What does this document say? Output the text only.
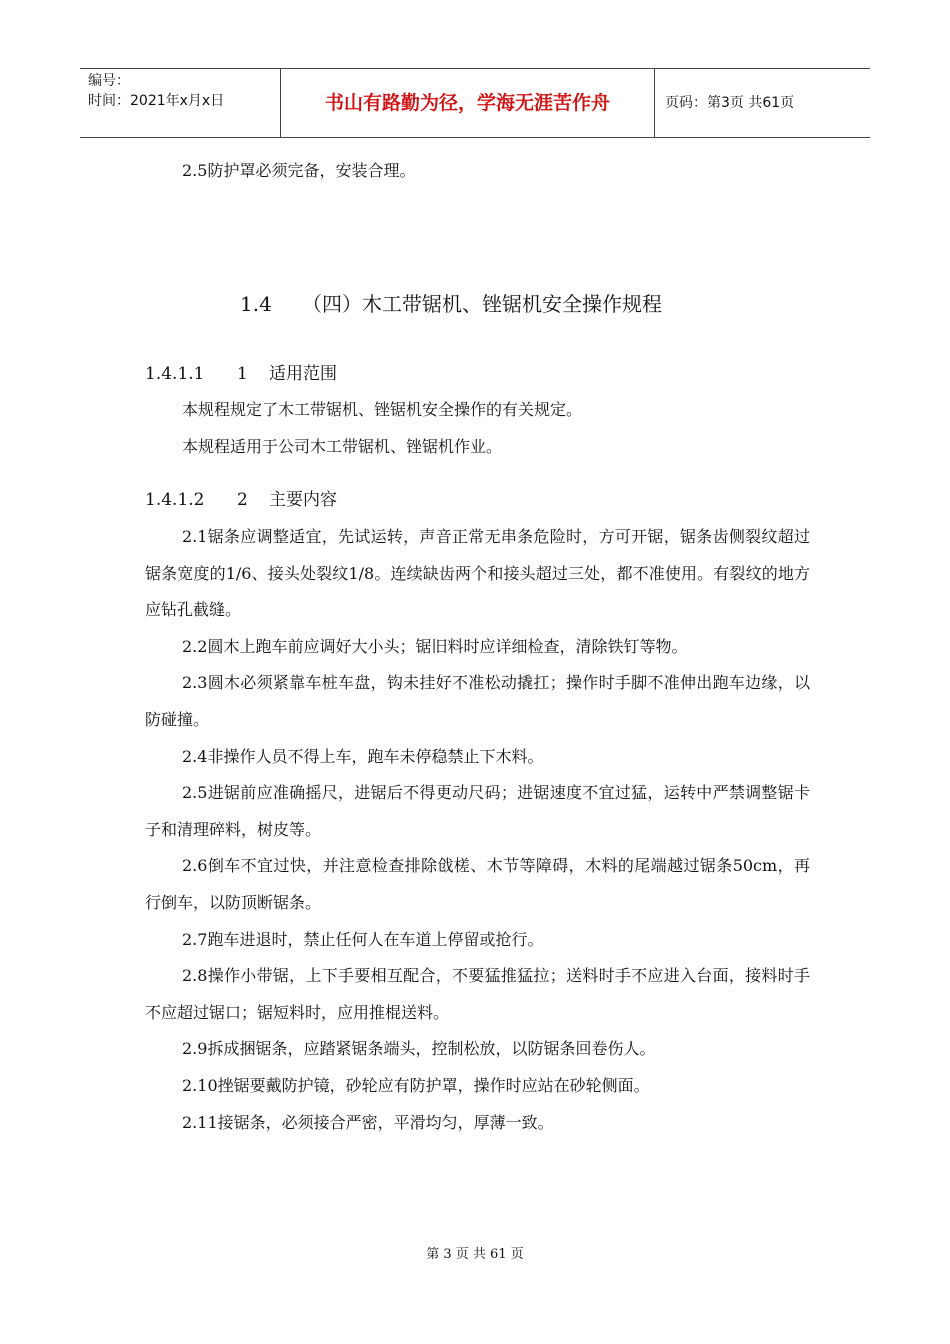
编号：
时间：2021年x月x日	书山有路勤为径，学海无涯苦作舟	页码：第3页 共61页
2.5防护罩必须完备，安装合理。
1.4 （四）木工带锯机、锉锯机安全操作规程
1.4.1.1 1 适用范围
本规程规定了木工带锯机、锉锯机安全操作的有关规定。
本规程适用于公司木工带锯机、锉锯机作业。
1.4.1.2 2 主要内容
2.1锯条应调整适宜，先试运转，声音正常无串条危险时，方可开锯，锯条齿侧裂纹超过锯条宽度的1/6、接头处裂纹1/8。连续缺齿两个和接头超过三处，都不准使用。有裂纹的地方应钻孔截缝。
2.2圆木上跑车前应调好大小头；锯旧料时应详细检查，清除铁钉等物。
2.3圆木必须紧靠车桩车盘，钩未挂好不准松动撬扛；操作时手脚不准伸出跑车边缘，以防碰撞。
2.4非操作人员不得上车，跑车未停稳禁止下木料。
2.5进锯前应准确摇尺，进锯后不得更动尺码；进锯速度不宜过猛，运转中严禁调整锯卡子和清理碎料，树皮等。
2.6倒车不宜过快，并注意检查排除戗槎、木节等障碍，木料的尾端越过锯条50cm，再行倒车，以防顶断锯条。
2.7跑车进退时，禁止任何人在车道上停留或抢行。
2.8操作小带锯，上下手要相互配合，不要猛推猛拉；送料时手不应进入台面，接料时手不应超过锯口；锯短料时，应用推棍送料。
2.9拆成捆锯条，应踏紧锯条端头，控制松放，以防锯条回卷伤人。
2.10挫锯要戴防护镜，砂轮应有防护罩，操作时应站在砂轮侧面。
2.11接锯条，必须接合严密，平滑均匀，厚薄一致。
第 3 页 共 61 页
